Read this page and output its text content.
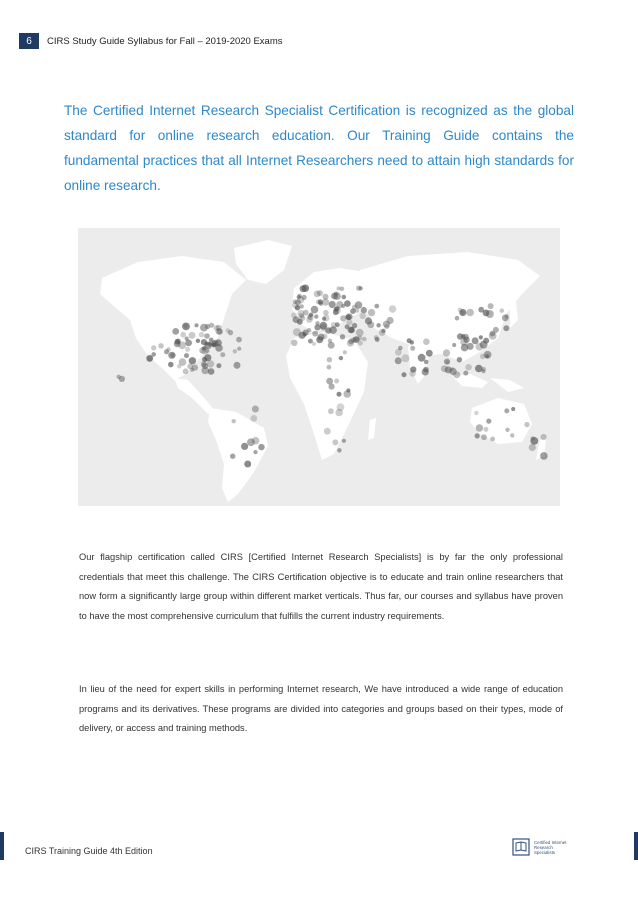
6	CIRS Study Guide Syllabus for Fall – 2019-2020 Exams
The Certified Internet Research Specialist Certification is recognized as the global standard for online research education. Our Training Guide contains the fundamental practices that all Internet Researchers need to attain high standards for online research.

Our flagship certification called CIRS [Certified Internet Research Specialists] is by far the only professional credentials that meet this challenge. The CIRS Certification objective is to educate and train online researchers that now form a significantly large group within different market verticals. Thus far, our courses and syllabus have proven to have the most comprehensive curriculum that fulfills the current industry requirements.

In lieu of the need for expert skills in performing Internet research, We have introduced a wide range of education programs and its derivatives. These programs are divided into categories and groups based on their types, mode of delivery, or access and training methods.

CIRS Training Guide 4th Edition
Certified Internet
Research
Specialists
